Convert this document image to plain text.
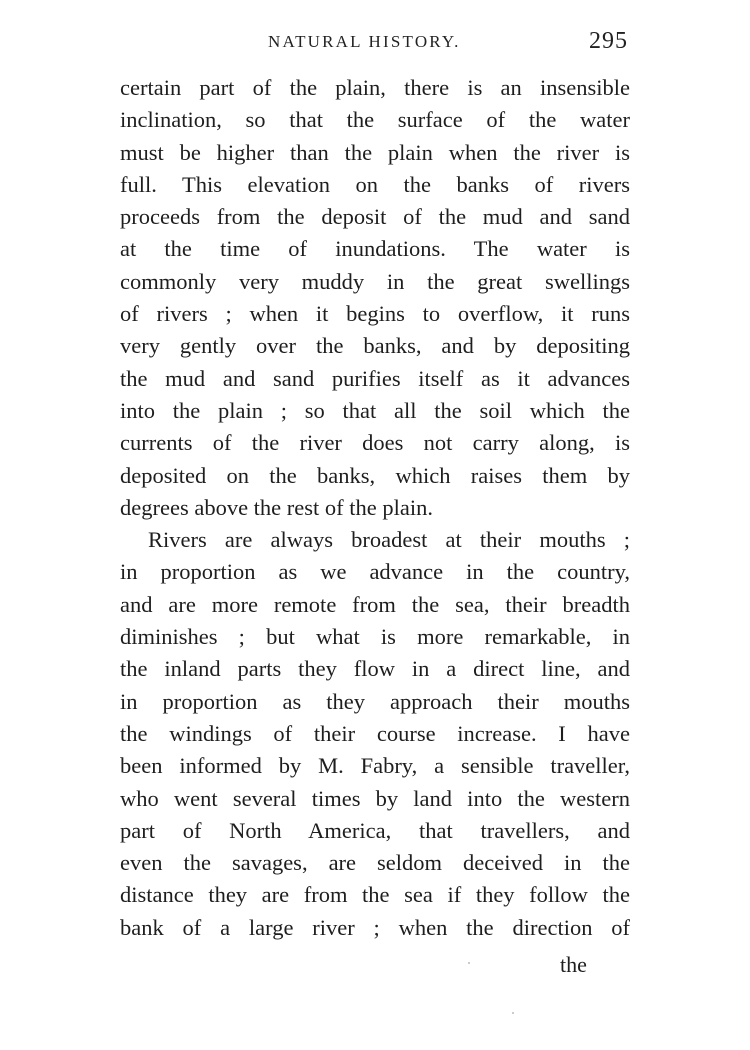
NATURAL HISTORY.	295
certain part of the plain, there is an insensible
inclination, so that the surface of the water
must be higher than the plain when the river is
full. This elevation on the banks of rivers
proceeds from the deposit of the mud and sand
at the time of inundations. The water is
commonly very muddy in the great swellings
of rivers ; when it begins to overflow, it runs
very gently over the banks, and by depositing
the mud and sand purifies itself as it advances
into the plain ; so that all the soil which the
currents of the river does not carry along, is
deposited on the banks, which raises them by
degrees above the rest of the plain.
Rivers are always broadest at their mouths ;
in proportion as we advance in the country,
and are more remote from the sea, their breadth
diminishes ; but what is more remarkable, in
the inland parts they flow in a direct line, and
in proportion as they approach their mouths
the windings of their course increase. I have
been informed by M. Fabry, a sensible traveller,
who went several times by land into the western
part of North America, that travellers, and
even the savages, are seldom deceived in the
distance they are from the sea if they follow the
bank of a large river ; when the direction of
the
